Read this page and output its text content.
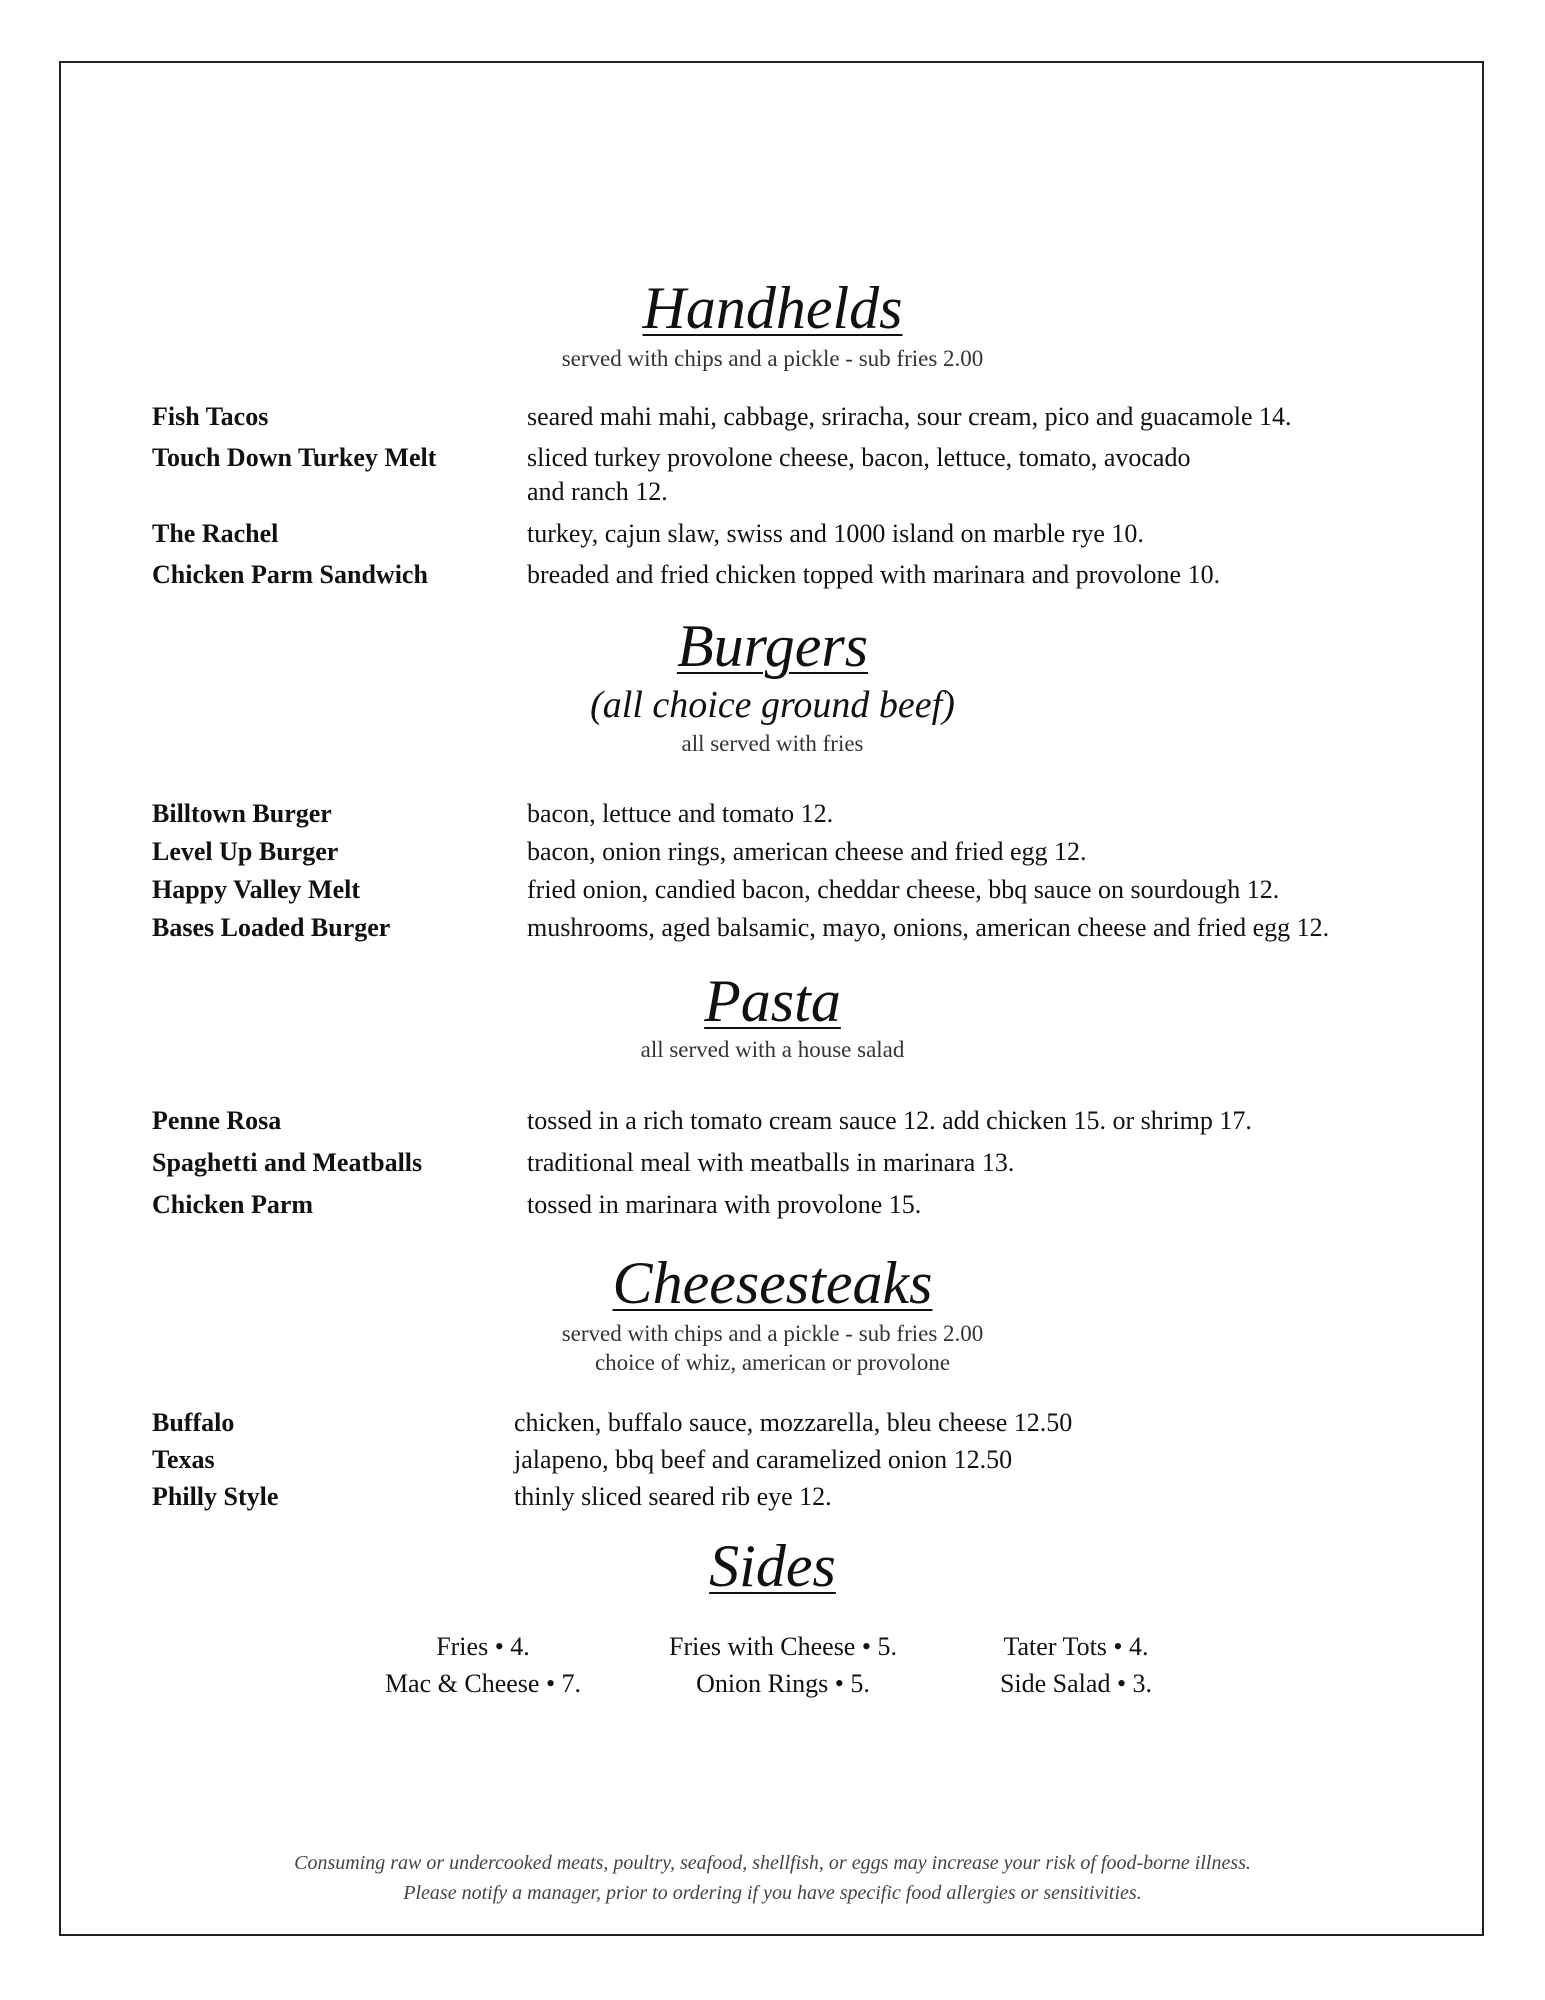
Handhelds
served with chips and a pickle - sub fries 2.00
Fish Tacos	seared mahi mahi, cabbage, sriracha, sour cream, pico and guacamole 14.
Touch Down Turkey Melt	sliced turkey provolone cheese, bacon, lettuce, tomato, avocado
and ranch 12.
The Rachel	turkey, cajun slaw, swiss and 1000 island on marble rye 10.
Chicken Parm Sandwich	breaded and fried chicken topped with marinara and provolone 10.
Burgers
(all choice ground beef)
all served with fries
Billtown Burger	bacon, lettuce and tomato 12.
Level Up Burger	bacon, onion rings, american cheese and fried egg 12.
Happy Valley Melt	fried onion, candied bacon, cheddar cheese, bbq sauce on sourdough 12.
Bases Loaded Burger	mushrooms, aged balsamic, mayo, onions, american cheese and fried egg 12.
Pasta
all served with a house salad
Penne Rosa	tossed in a rich tomato cream sauce 12. add chicken 15. or shrimp 17.
Spaghetti and Meatballs	traditional meal with meatballs in marinara 13.
Chicken Parm	tossed in marinara with provolone 15.
Cheesesteaks
served with chips and a pickle - sub fries 2.00
choice of whiz, american or provolone
Buffalo	chicken, buffalo sauce, mozzarella, bleu cheese 12.50
Texas	jalapeno, bbq beef and caramelized onion 12.50
Philly Style	thinly sliced seared rib eye 12.
Sides
Fries • 4.	Fries with Cheese • 5.	Tater Tots • 4.
Mac & Cheese • 7.	Onion Rings • 5.	Side Salad • 3.
Consuming raw or undercooked meats, poultry, seafood, shellfish, or eggs may increase your risk of food-borne illness.
Please notify a manager, prior to ordering if you have specific food allergies or sensitivities.
